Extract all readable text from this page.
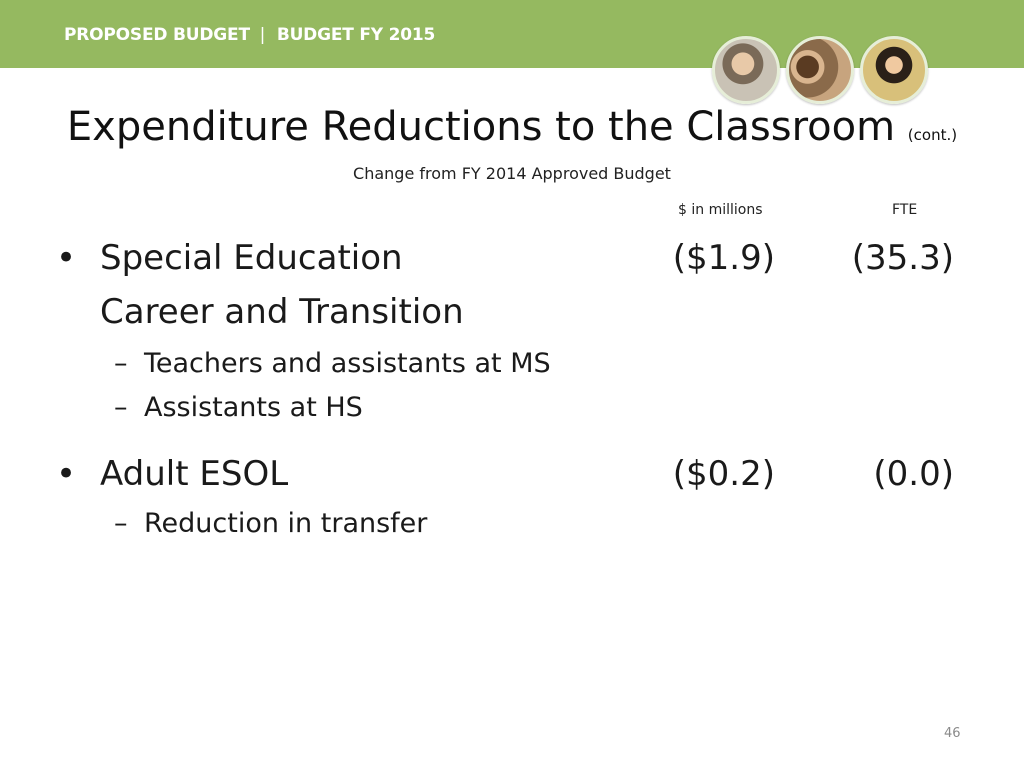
PROPOSED BUDGET | BUDGET FY 2015
Expenditure Reductions to the Classroom (cont.)
Change from FY 2014 Approved Budget
$ in millions	FTE
• Special Education	($1.9)	(35.3)
Career and Transition
– Teachers and assistants at MS
– Assistants at HS
• Adult ESOL	($0.2)	(0.0)
– Reduction in transfer
46
